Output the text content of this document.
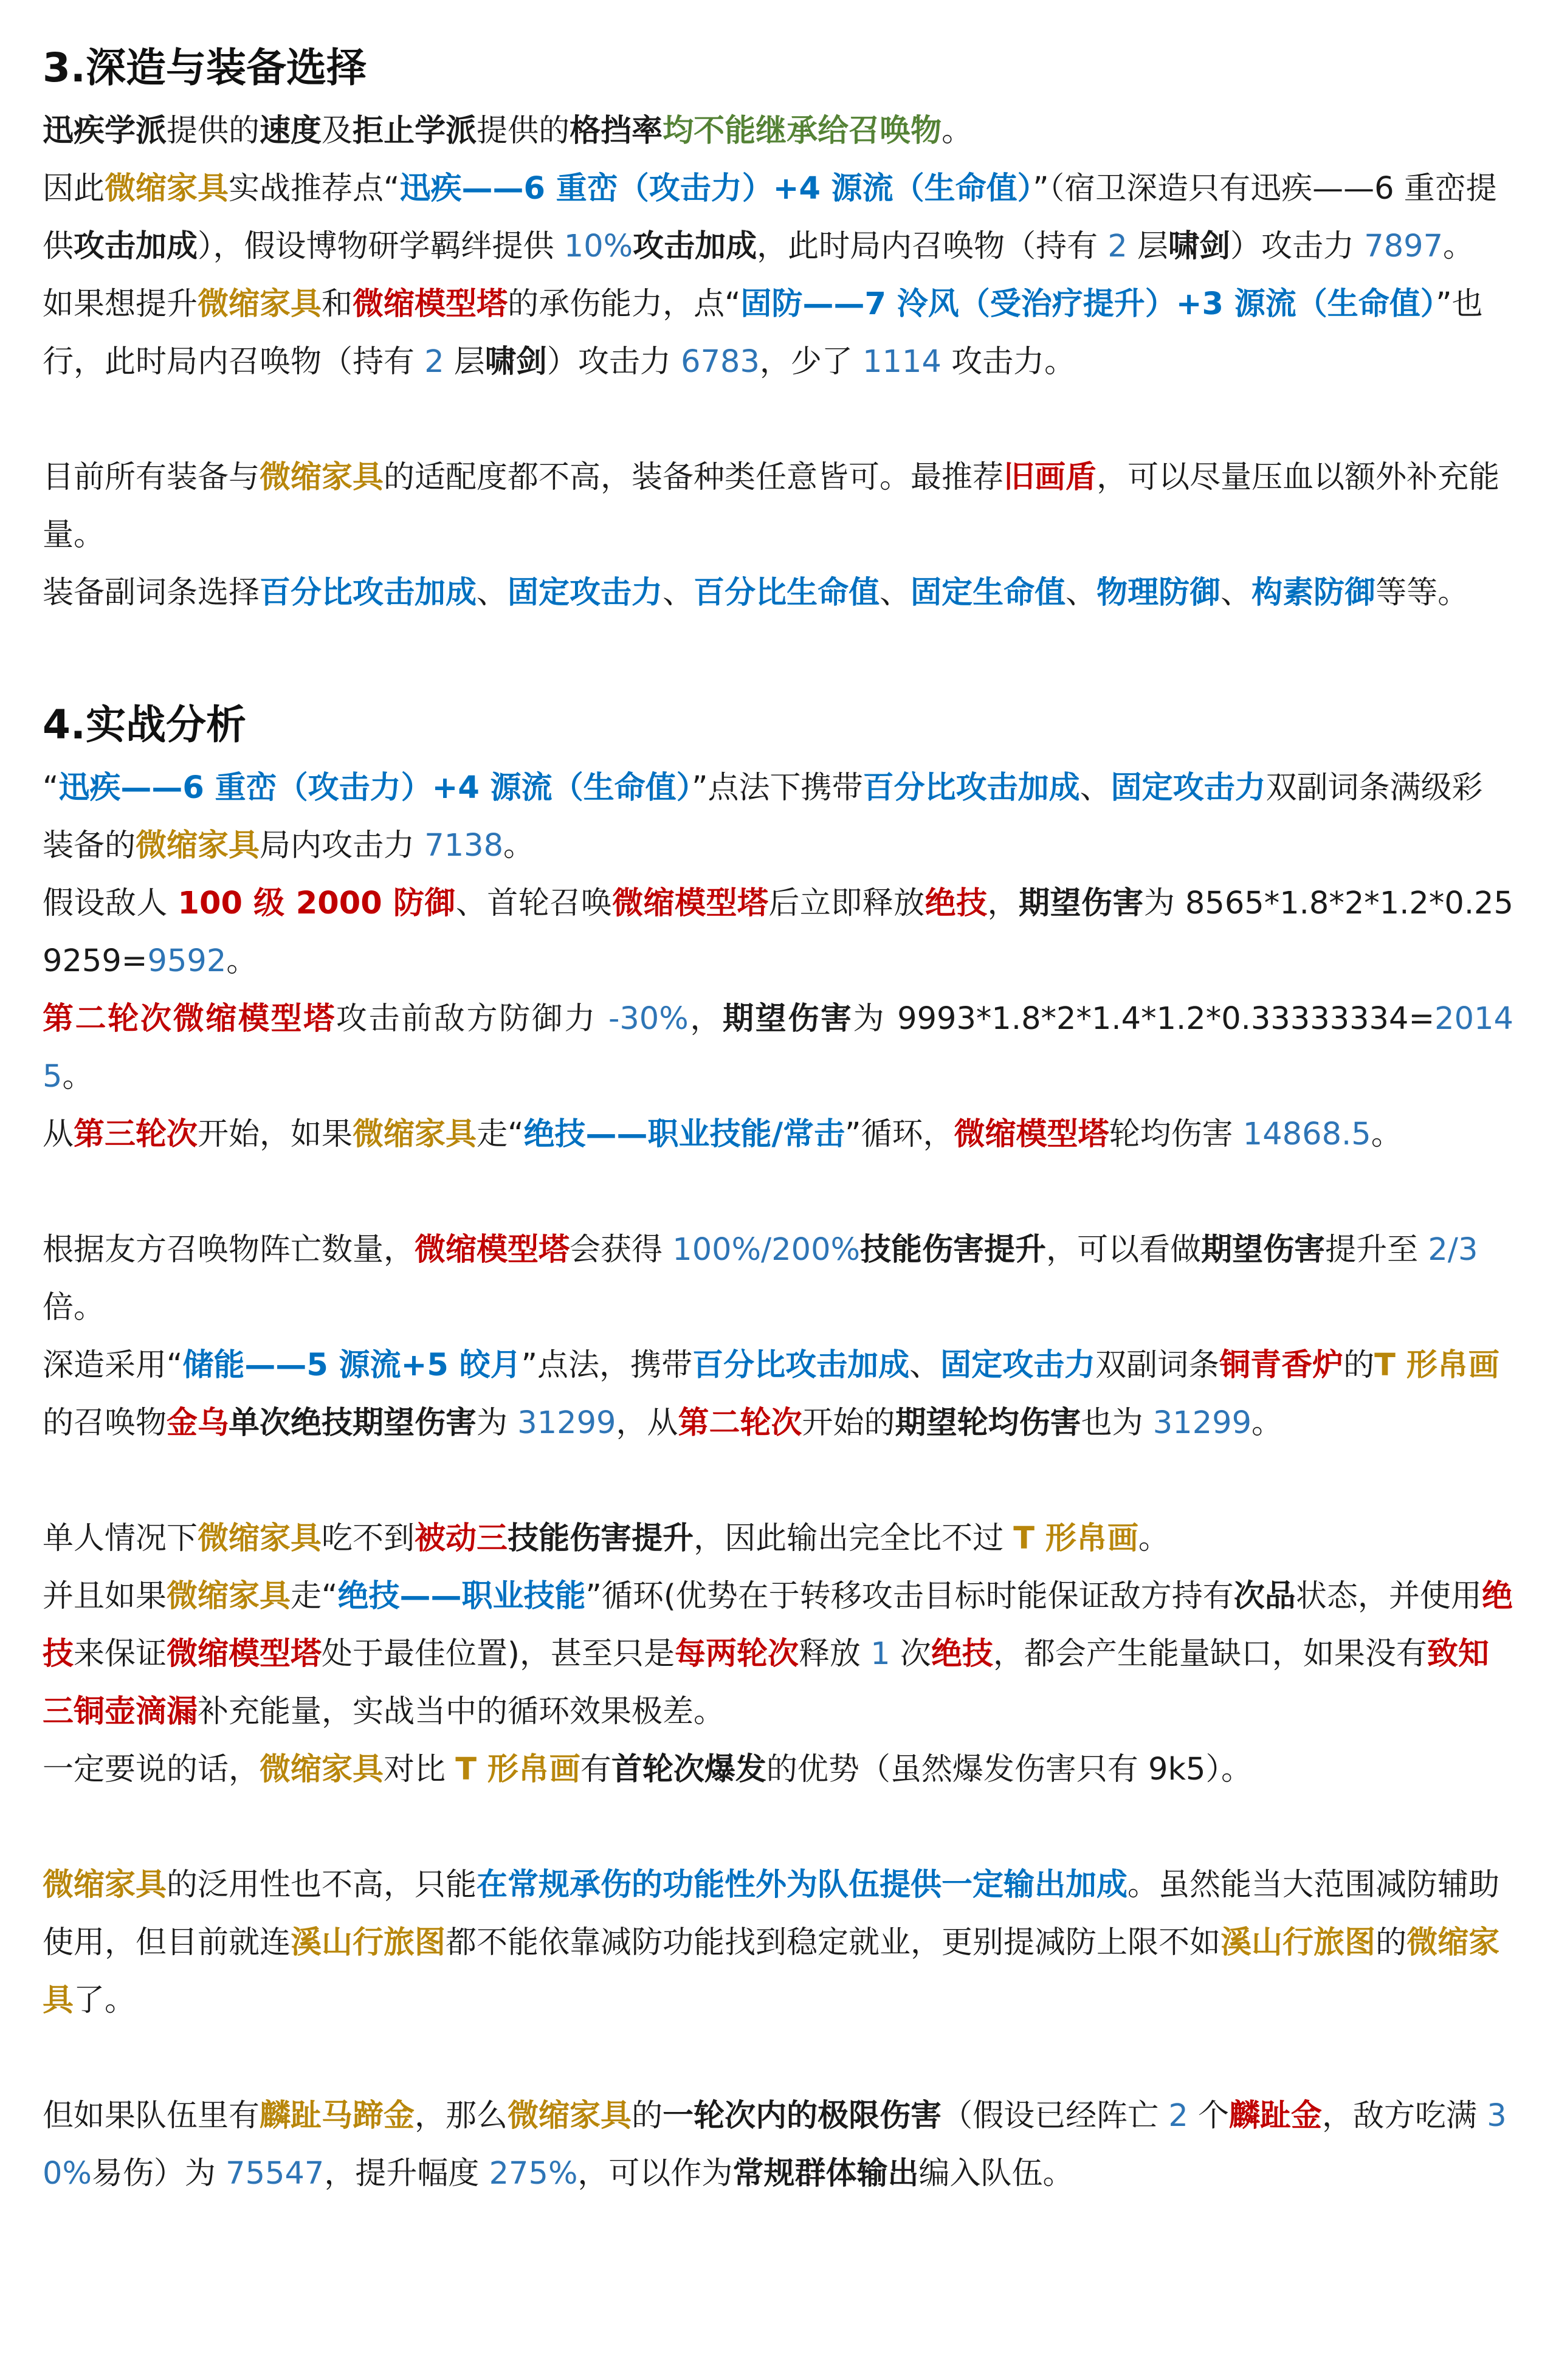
3.深造与装备选择

迅疾学派提供的速度及拒止学派提供的格挡率均不能继承给召唤物。

因此微缩家具实战推荐点“迅疾——6 重峦（攻击力）+4 源流（生命值）”（宿卫深造只有迅疾——6 重峦提供攻击加成），假设博物研学羁绊提供 10%攻击加成，此时局内召唤物（持有 2 层啸剑）攻击力 7897。

如果想提升微缩家具和微缩模型塔的承伤能力，点“固防——7 泠风（受治疗提升）+3 源流（生命值）”也行，此时局内召唤物（持有 2 层啸剑）攻击力 6783，少了 1114 攻击力。

目前所有装备与微缩家具的适配度都不高，装备种类任意皆可。最推荐旧画盾，可以尽量压血以额外补充能量。

装备副词条选择百分比攻击加成、固定攻击力、百分比生命值、固定生命值、物理防御、构素防御等等。

4.实战分析

“迅疾——6 重峦（攻击力）+4 源流（生命值）”点法下携带百分比攻击加成、固定攻击力双副词条满级彩装备的微缩家具局内攻击力 7138。

假设敌人 100 级 2000 防御、首轮召唤微缩模型塔后立即释放绝技，期望伤害为 8565*1.8*2*1.2*0.259259=9592。

第二轮次微缩模型塔攻击前敌方防御力 -30%，期望伤害为 9993*1.8*2*1.4*1.2*0.33333334=20145。

从第三轮次开始，如果微缩家具走“绝技——职业技能/常击”循环，微缩模型塔轮均伤害 14868.5。

根据友方召唤物阵亡数量，微缩模型塔会获得 100%/200%技能伤害提升，可以看做期望伤害提升至 2/3 倍。

深造采用“储能——5 源流+5 皎月”点法，携带百分比攻击加成、固定攻击力双副词条铜青香炉的T 形帛画的召唤物金乌单次绝技期望伤害为 31299，从第二轮次开始的期望轮均伤害也为 31299。

单人情况下微缩家具吃不到被动三技能伤害提升，因此输出完全比不过 T 形帛画。

并且如果微缩家具走“绝技——职业技能”循环(优势在于转移攻击目标时能保证敌方持有次品状态，并使用绝技来保证微缩模型塔处于最佳位置)，甚至只是每两轮次释放 1 次绝技，都会产生能量缺口，如果没有致知三铜壶滴漏补充能量，实战当中的循环效果极差。

一定要说的话，微缩家具对比 T 形帛画有首轮次爆发的优势（虽然爆发伤害只有 9k5）。

微缩家具的泛用性也不高，只能在常规承伤的功能性外为队伍提供一定输出加成。虽然能当大范围减防辅助使用，但目前就连溪山行旅图都不能依靠减防功能找到稳定就业，更别提减防上限不如溪山行旅图的微缩家具了。

但如果队伍里有麟趾马蹄金，那么微缩家具的一轮次内的极限伤害（假设已经阵亡 2 个麟趾金，敌方吃满 30%易伤）为 75547，提升幅度 275%，可以作为常规群体输出编入队伍。
